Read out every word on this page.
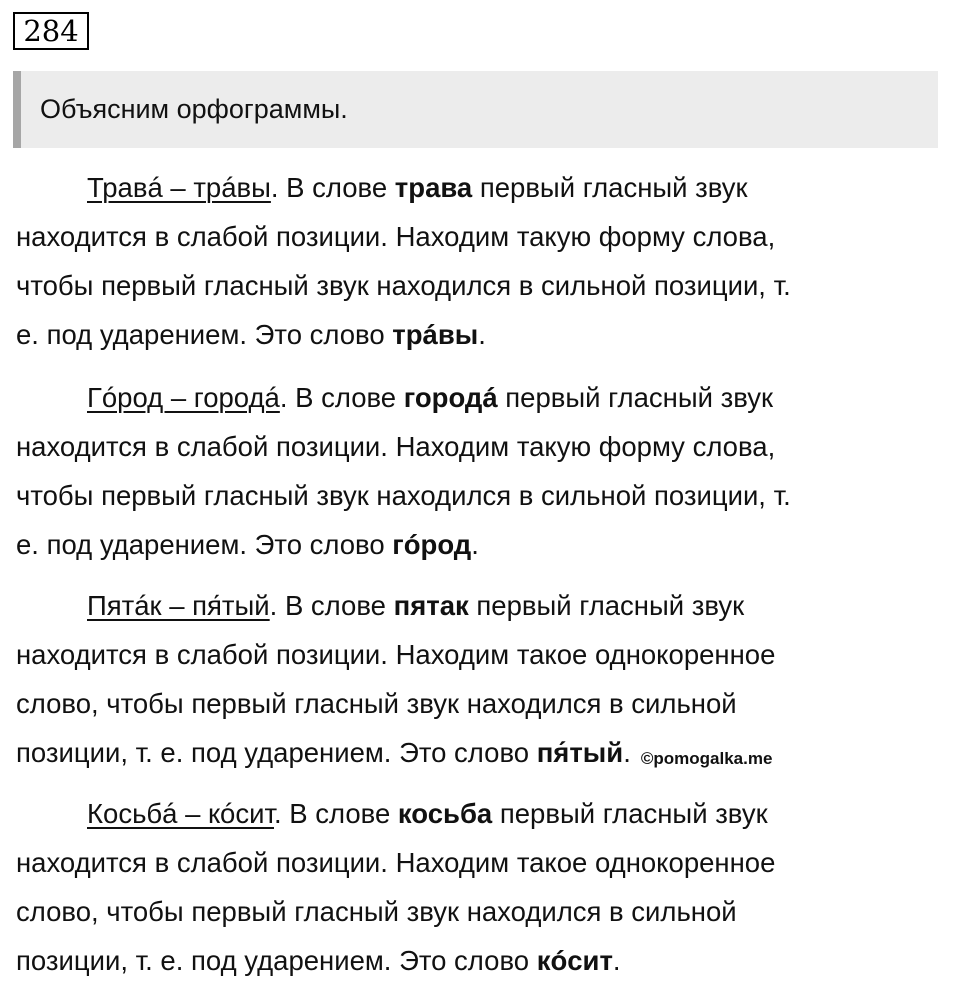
284
Объясним орфограммы.
Травá – трáвы. В слове трава первый гласный звук
находится в слабой позиции. Находим такую форму слова,
чтобы первый гласный звук находился в сильной позиции, т.
е. под ударением. Это слово трáвы.
Гóрод – городá. В слове городá первый гласный звук
находится в слабой позиции. Находим такую форму слова,
чтобы первый гласный звук находился в сильной позиции, т.
е. под ударением. Это слово гóрод.
Пятáк – пя́тый. В слове пятак первый гласный звук
находится в слабой позиции. Находим такое однокоренное
слово, чтобы первый гласный звук находился в сильной
позиции, т. е. под ударением. Это слово пя́тый. ©pomogalka.me
Косьбá – кóсит. В слове косьба первый гласный звук
находится в слабой позиции. Находим такое однокоренное
слово, чтобы первый гласный звук находился в сильной
позиции, т. е. под ударением. Это слово кóсит.
